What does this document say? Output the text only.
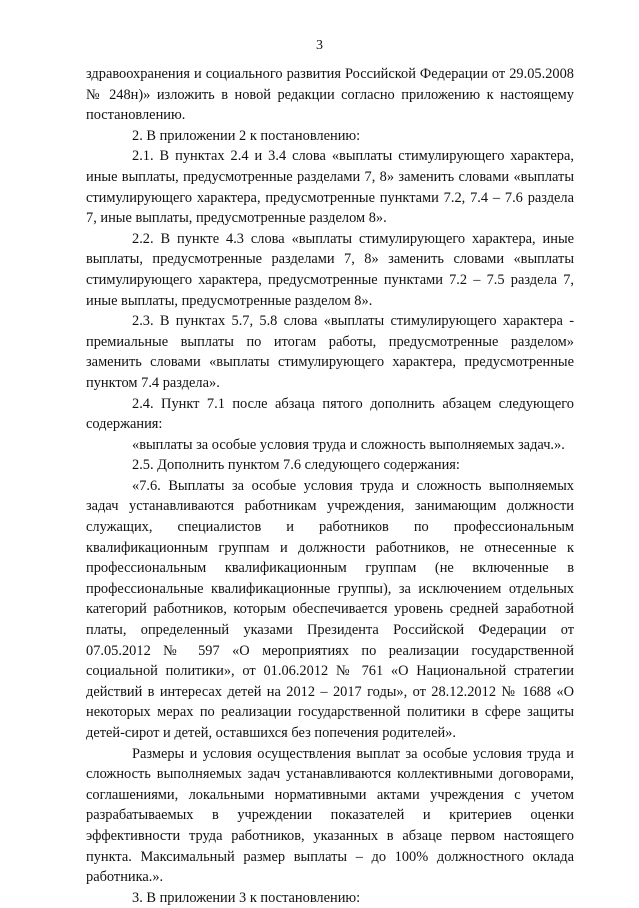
3

здравоохранения и социального развития Российской Федерации от 29.05.2008 № 248н)» изложить в новой редакции согласно приложению к настоящему постановлению.

2. В приложении 2 к постановлению:

2.1. В пунктах 2.4 и 3.4 слова «выплаты стимулирующего характера, иные выплаты, предусмотренные разделами 7, 8» заменить словами «выплаты стимулирующего характера, предусмотренные пунктами 7.2, 7.4 – 7.6 раздела 7, иные выплаты, предусмотренные разделом 8».

2.2. В пункте 4.3 слова «выплаты стимулирующего характера, иные выплаты, предусмотренные разделами 7, 8» заменить словами «выплаты стимулирующего характера, предусмотренные пунктами 7.2 – 7.5 раздела 7, иные выплаты, предусмотренные разделом 8».

2.3. В пунктах 5.7, 5.8 слова «выплаты стимулирующего характера - премиальные выплаты по итогам работы, предусмотренные разделом» заменить словами «выплаты стимулирующего характера, предусмотренные пунктом 7.4 раздела».

2.4. Пункт 7.1 после абзаца пятого дополнить абзацем следующего содержания:

«выплаты за особые условия труда и сложность выполняемых задач.».

2.5. Дополнить пунктом 7.6 следующего содержания:

«7.6. Выплаты за особые условия труда и сложность выполняемых задач устанавливаются работникам учреждения, занимающим должности служащих, специалистов и работников по профессиональным квалификационным группам и должности работников, не отнесенные к профессиональным квалификационным группам (не включенные в профессиональные квалификационные группы), за исключением отдельных категорий работников, которым обеспечивается уровень средней заработной платы, определенный указами Президента Российской Федерации от 07.05.2012 № 597 «О мероприятиях по реализации государственной социальной политики», от 01.06.2012 № 761 «О Национальной стратегии действий в интересах детей на 2012 – 2017 годы», от 28.12.2012 № 1688 «О некоторых мерах по реализации государственной политики в сфере защиты детей-сирот и детей, оставшихся без попечения родителей».

Размеры и условия осуществления выплат за особые условия труда и сложность выполняемых задач устанавливаются коллективными договорами, соглашениями, локальными нормативными актами учреждения с учетом разрабатываемых в учреждении показателей и критериев оценки эффективности труда работников, указанных в абзаце первом настоящего пункта. Максимальный размер выплаты – до 100% должностного оклада работника.».

3. В приложении 3 к постановлению:
